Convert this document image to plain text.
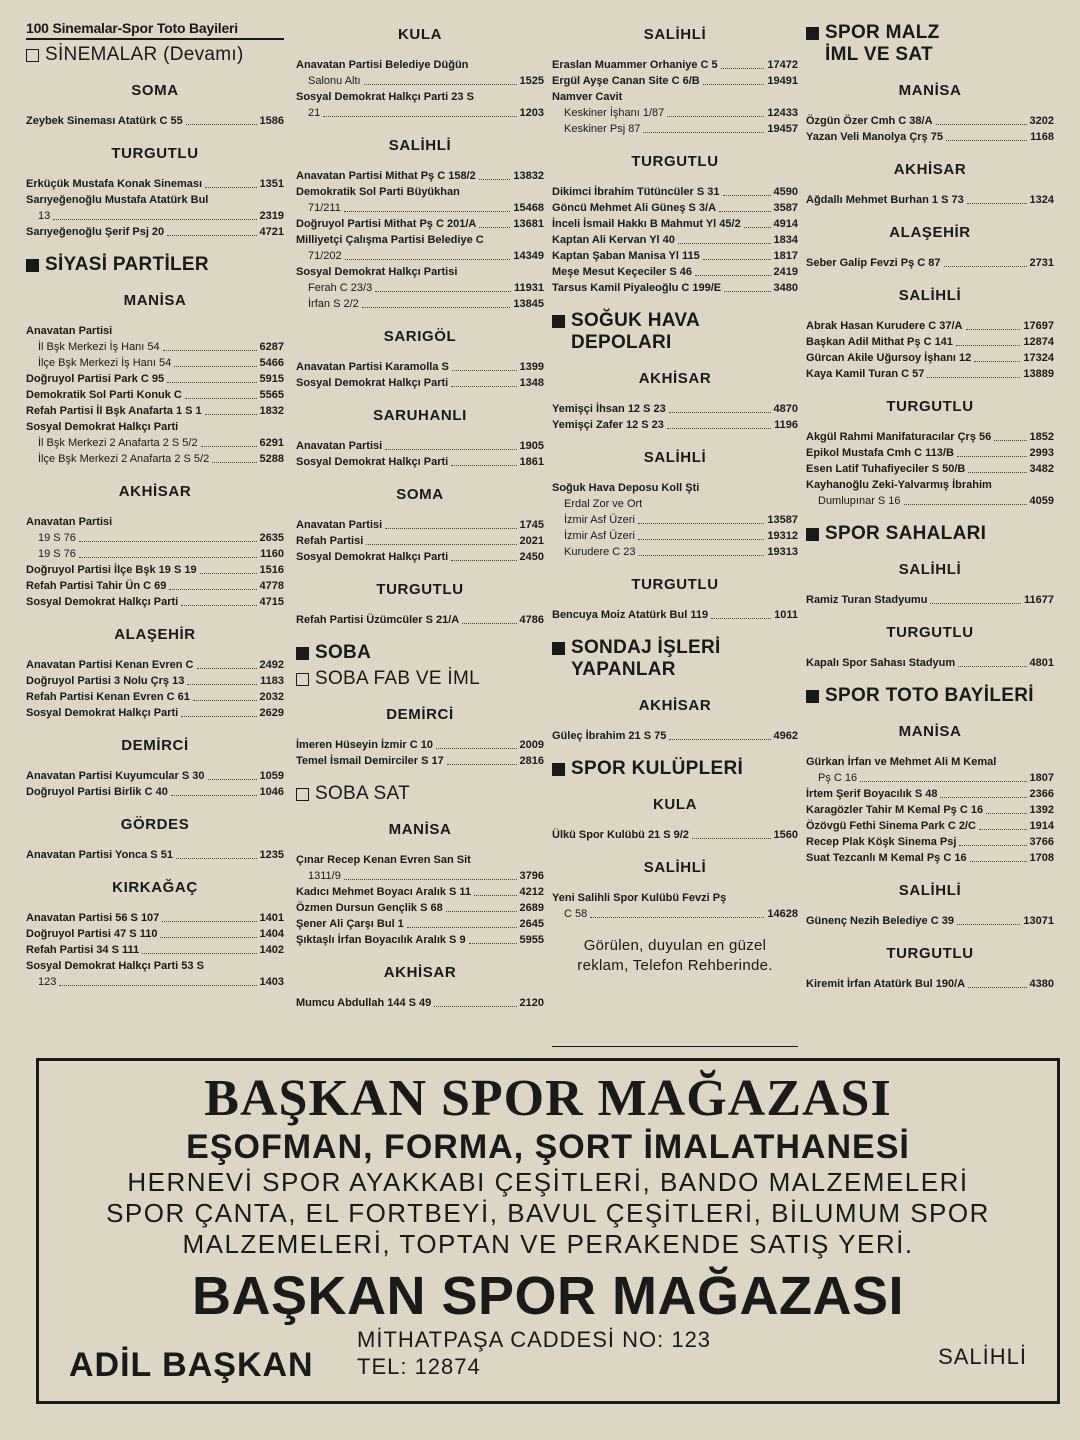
100 Sinemalar-Spor Toto Bayileri
SİNEMALAR (Devamı)
SOMA
Zeybek Sineması Atatürk C 55	1586
TURGUTLU
Erküçük Mustafa Konak Sineması	1351
Sarıyeğenoğlu Mustafa Atatürk Bul
13	2319
Sarıyeğenoğlu Şerif Psj 20	4721
SİYASİ PARTİLER
MANİSA
Anavatan Partisi
İl Bşk Merkezi İş Hanı 54	6287
İlçe Bşk Merkezi İş Hanı 54	5466
Doğruyol Partisi Park C 95	5915
Demokratik Sol Parti Konuk C	5565
Refah Partisi İl Bşk Anafarta 1 S 1	1832
Sosyal Demokrat Halkçı Parti
İl Bşk Merkezi 2 Anafarta 2 S 5/2	6291
İlçe Bşk Merkezi 2 Anafarta 2 S 5/2	5288
AKHİSAR
Anavatan Partisi
19 S 76	2635
19 S 76	1160
Doğruyol Partisi İlçe Bşk 19 S 19	1516
Refah Partisi Tahir Ün C 69	4778
Sosyal Demokrat Halkçı Parti	4715
ALAŞEHİR
Anavatan Partisi Kenan Evren C	2492
Doğruyol Partisi 3 Nolu Çrş 13	1183
Refah Partisi Kenan Evren C 61	2032
Sosyal Demokrat Halkçı Parti	2629
DEMİRCİ
Anavatan Partisi Kuyumcular S 30	1059
Doğruyol Partisi Birlik C 40	1046
GÖRDES
Anavatan Partisi Yonca S 51	1235
KIRKAĞAÇ
Anavatan Partisi 56 S 107	1401
Doğruyol Partisi 47 S 110	1404
Refah Partisi 34 S 111	1402
Sosyal Demokrat Halkçı Parti 53 S
123	1403
KULA
Anavatan Partisi Belediye Düğün
Salonu Altı	1525
Sosyal Demokrat Halkçı Parti 23 S
21	1203
SALİHLİ
Anavatan Partisi Mithat Pş C 158/2	13832
Demokratik Sol Parti Büyükhan
71/211	15468
Doğruyol Partisi Mithat Pş C 201/A	13681
Milliyetçi Çalışma Partisi Belediye C
71/202	14349
Sosyal Demokrat Halkçı Partisi
Ferah C 23/3	11931
İrfan S 2/2	13845
SARIGÖL
Anavatan Partisi Karamolla S	1399
Sosyal Demokrat Halkçı Parti	1348
SARUHANLI
Anavatan Partisi	1905
Sosyal Demokrat Halkçı Parti	1861
SOMA
Anavatan Partisi	1745
Refah Partisi	2021
Sosyal Demokrat Halkçı Parti	2450
TURGUTLU
Refah Partisi Üzümcüler S 21/A	4786
SOBA
SOBA FAB VE İML
DEMİRCİ
İmeren Hüseyin İzmir C 10	2009
Temel İsmail Demirciler S 17	2816
SOBA SAT
MANİSA
Çınar Recep Kenan Evren San Sit
1311/9	3796
Kadıcı Mehmet Boyacı Aralık S 11	4212
Özmen Dursun Gençlik S 68	2689
Şener Ali Çarşı Bul 1	2645
Şıktaşlı İrfan Boyacılık Aralık S 9	5955
AKHİSAR
Mumcu Abdullah 144 S 49	2120
SALİHLİ
Eraslan Muammer Orhaniye C 5	17472
Ergül Ayşe Canan Site C 6/B	19491
Namver Cavit
Keskiner İşhanı 1/87	12433
Keskiner Psj 87	19457
TURGUTLU
Dikimci İbrahim Tütüncüler S 31	4590
Göncü Mehmet Ali Güneş S 3/A	3587
İnceli İsmail Hakkı B Mahmut Yl 45/2	4914
Kaptan Ali Kervan Yl 40	1834
Kaptan Şaban Manisa Yl 115	1817
Meşe Mesut Keçeciler S 46	2419
Tarsus Kamil Piyaleoğlu C 199/E	3480
SOĞUK HAVA
DEPOLARI
AKHİSAR
Yemişçi İhsan 12 S 23	4870
Yemişçi Zafer 12 S 23	1196
SALİHLİ
Soğuk Hava Deposu Koll Şti
Erdal Zor ve Ort
İzmir Asf Üzeri	13587
İzmir Asf Üzeri	19312
Kurudere C 23	19313
TURGUTLU
Bencuya Moiz Atatürk Bul 119	1011
SONDAJ İŞLERİ
YAPANLAR
AKHİSAR
Güleç İbrahim 21 S 75	4962
SPOR KULÜPLERİ
KULA
Ülkü Spor Kulübü 21 S 9/2	1560
SALİHLİ
Yeni Salihli Spor Kulübü Fevzi Pş
C 58	14628
Görülen, duyulan en güzel
reklam, Telefon Rehberinde.
SPOR MALZ
İML VE SAT
MANİSA
Özgün Özer Cmh C 38/A	3202
Yazan Veli Manolya Çrş 75	1168
AKHİSAR
Ağdallı Mehmet Burhan 1 S 73	1324
ALAŞEHİR
Seber Galip Fevzi Pş C 87	2731
SALİHLİ
Abrak Hasan Kurudere C 37/A	17697
Başkan Adil Mithat Pş C 141	12874
Gürcan Akile Uğursoy İşhanı 12	17324
Kaya Kamil Turan C 57	13889
TURGUTLU
Akgül Rahmi Manifaturacılar Çrş 56	1852
Epikol Mustafa Cmh C 113/B	2993
Esen Latif Tuhafiyeciler S 50/B	3482
Kayhanoğlu Zeki-Yalvarmış İbrahim
Dumlupınar S 16	4059
SPOR SAHALARI
SALİHLİ
Ramiz Turan Stadyumu	11677
TURGUTLU
Kapalı Spor Sahası Stadyum	4801
SPOR TOTO BAYİLERİ
MANİSA
Gürkan İrfan ve Mehmet Ali M Kemal
Pş C 16	1807
İrtem Şerif Boyacılık S 48	2366
Karagözler Tahir M Kemal Pş C 16	1392
Özövgü Fethi Sinema Park C 2/C	1914
Recep Plak Köşk Sinema Psj	3766
Suat Tezcanlı M Kemal Pş C 16	1708
SALİHLİ
Günenç Nezih Belediye C 39	13071
TURGUTLU
Kiremit İrfan Atatürk Bul 190/A	4380
BAŞKAN SPOR MAĞAZASI
EŞOFMAN, FORMA, ŞORT İMALATHANESİ
HERNEVİ SPOR AYAKKABI ÇEŞİTLERİ, BANDO MALZEMELERİ
SPOR ÇANTA, EL FORTBEYİ, BAVUL ÇEŞİTLERİ, BİLUMUM SPOR
MALZEMELERİ, TOPTAN VE PERAKENDE SATIŞ YERİ.
BAŞKAN SPOR MAĞAZASI
ADİL BAŞKAN
MİTHATPAŞA CADDESİ NO: 123
TEL: 12874	SALİHLİ
